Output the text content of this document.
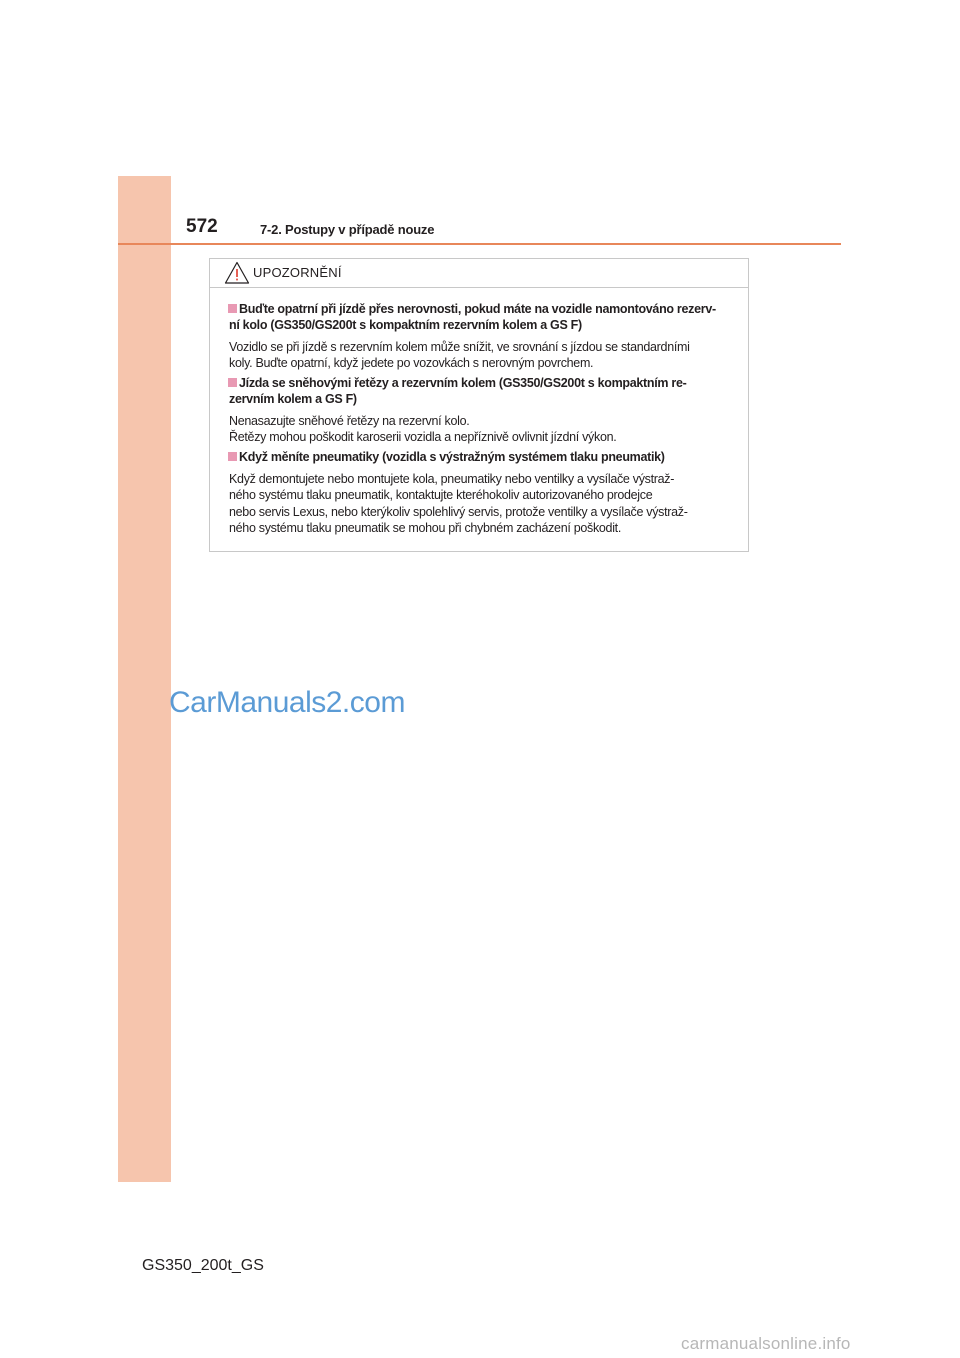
572	7-2. Postupy v případě nouze
UPOZORNĚNÍ
Buďte opatrní při jízdě přes nerovnosti, pokud máte na vozidle namontováno rezerv-
ní kolo (GS350/GS200t s kompaktním rezervním kolem a GS F)
Vozidlo se při jízdě s rezervním kolem může snížit, ve srovnání s jízdou se standardními
koly. Buďte opatrní, když jedete po vozovkách s nerovným povrchem.
Jízda se sněhovými řetězy a rezervním kolem (GS350/GS200t s kompaktním re-
zervním kolem a GS F)
Nenasazujte sněhové řetězy na rezervní kolo.
Řetězy mohou poškodit karoserii vozidla a nepříznivě ovlivnit jízdní výkon.
Když měníte pneumatiky (vozidla s výstražným systémem tlaku pneumatik)
Když demontujete nebo montujete kola, pneumatiky nebo ventilky a vysílače výstraž-
ného systému tlaku pneumatik, kontaktujte kteréhokoliv autorizovaného prodejce
nebo servis Lexus, nebo kterýkoliv spolehlivý servis, protože ventilky a vysílače výstraž-
ného systému tlaku pneumatik se mohou při chybném zacházení poškodit.
CarManuals2.com
GS350_200t_GS
carmanualsonline.info
